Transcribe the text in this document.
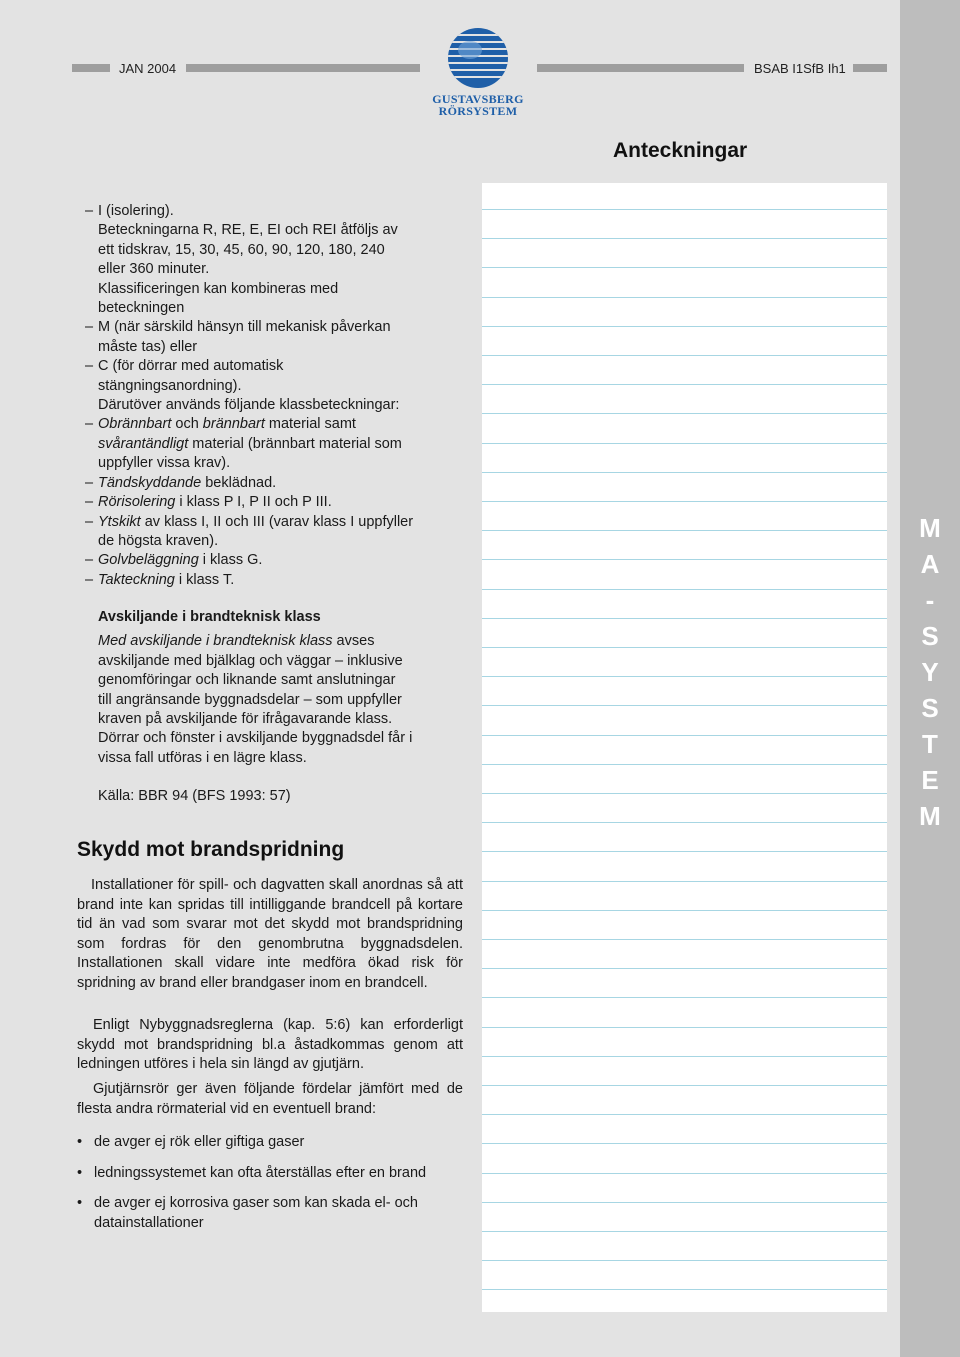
M
A
-
S
Y
S
T
E
M
JAN 2004	BSAB I1SfB Ih1
GUSTAVSBERG
RÖRSYSTEM
Anteckningar
– I (isolering).
Beteckningarna R, RE, E, EI och REI åtföljs av
ett tidskrav, 15, 30, 45, 60, 90, 120, 180, 240
eller 360 minuter.
Klassificeringen kan kombineras med
beteckningen
– M (när särskild hänsyn till mekanisk påverkan
måste tas) eller
– C (för dörrar med automatisk
stängningsanordning).
Därutöver används följande klassbeteckningar:
– Obrännbart och brännbart material samt
svårantändligt material (brännbart material som
uppfyller vissa krav).
– Tändskyddande beklädnad.
– Rörisolering i klass P I, P II och P III.
– Ytskikt av klass I, II och III (varav klass I uppfyller
de högsta kraven).
– Golvbeläggning i klass G.
– Takteckning i klass T.
Avskiljande i brandteknisk klass
Med avskiljande i brandteknisk klass avses
avskiljande med bjälklag och väggar – inklusive
genomföringar och liknande samt anslutningar
till angränsande byggnadsdelar – som uppfyller
kraven på avskiljande för ifrågavarande klass.
Dörrar och fönster i avskiljande byggnadsdel får i
vissa fall utföras i en lägre klass.
Källa: BBR 94 (BFS 1993: 57)
Skydd mot brandspridning
Installationer för spill- och dagvatten skall anordnas så att brand inte kan spridas till intilliggande brandcell på kortare tid än vad som svarar mot det skydd mot brandspridning som fordras för den genombrutna byggnadsdelen. Installationen skall vidare inte medföra ökad risk för spridning av brand eller brandgaser inom en brandcell.
Enligt Nybyggnadsreglerna (kap. 5:6) kan erforderligt skydd mot brandspridning bl.a åstadkommas genom att ledningen utföres i hela sin längd av gjutjärn.
Gjutjärnsrör ger även följande fördelar jämfört med de flesta andra rörmaterial vid en eventuell brand:
• de avger ej rök eller giftiga gaser
• ledningssystemet kan ofta återställas efter en brand
• de avger ej korrosiva gaser som kan skada el- och datainstallationer
